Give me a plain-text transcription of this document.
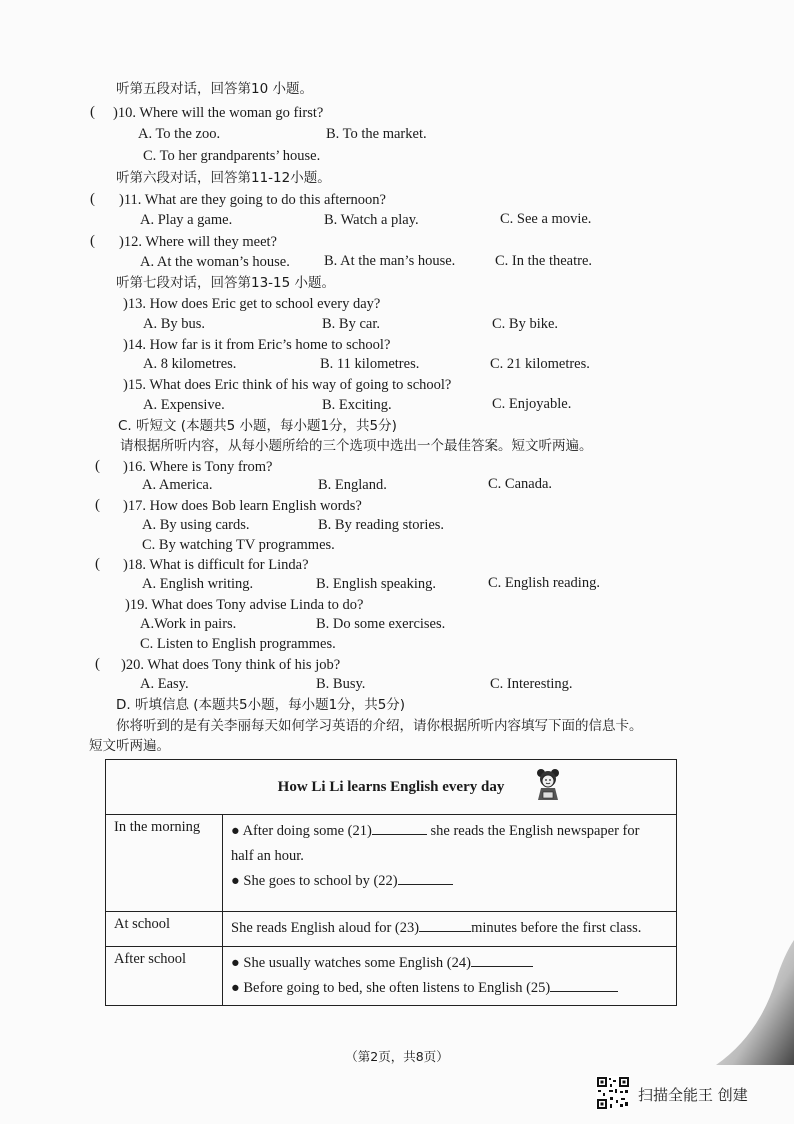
听第五段对话，回答第10 小题。
( )10. Where will the woman go first?
A. To the zoo.	B. To the market.
C. To her grandparents’ house.
听第六段对话，回答第11-12小题。
( )11. What are they going to do this afternoon?
A. Play a game.	B. Watch a play.	C. See a movie.
( )12. Where will they meet?
A. At the woman’s house. B. At the man’s house.	C. In the theatre.
听第七段对话，回答第13-15 小题。
)13. How does Eric get to school every day?
A. By bus.	B. By car.	C. By bike.
)14. How far is it from Eric’s home to school?
A. 8 kilometres.	B. 11 kilometres.	C. 21 kilometres.
)15. What does Eric think of his way of going to school?
A. Expensive.	B. Exciting.	C. Enjoyable.
C. 听短文 (本题共5 小题，每小题1分，共5分)
请根据所听内容，从每小题所给的三个选项中选出一个最佳答案。短文听两遍。
( )16. Where is Tony from?
A. America.	B. England.	C. Canada.
( )17. How does Bob learn English words?
A. By using cards.	B. By reading stories.
C. By watching TV programmes.
( )18. What is difficult for Linda?
A. English writing.	B. English speaking.	C. English reading.
)19. What does Tony advise Linda to do?
A.Work in pairs.	B. Do some exercises.
C. Listen to English programmes.
( )20. What does Tony think of his job?
A. Easy.	B. Busy.	C. Interesting.
D. 听填信息 (本题共5小题，每小题1分，共5分)
你将听到的是有关李丽每天如何学习英语的介绍，请你根据所听内容填写下面的信息卡。
短文听两遍。
How Li Li learns English every day	

In the morning	● After doing some (21) she reads the English newspaper for
half an hour.
● She goes to school by (22)

At school	She reads English aloud for (23) minutes before the first class.

After school	● She usually watches some English (24)
● Before going to bed, she often listens to English (25)
（第2页，共8页）
扫描全能王 创建
